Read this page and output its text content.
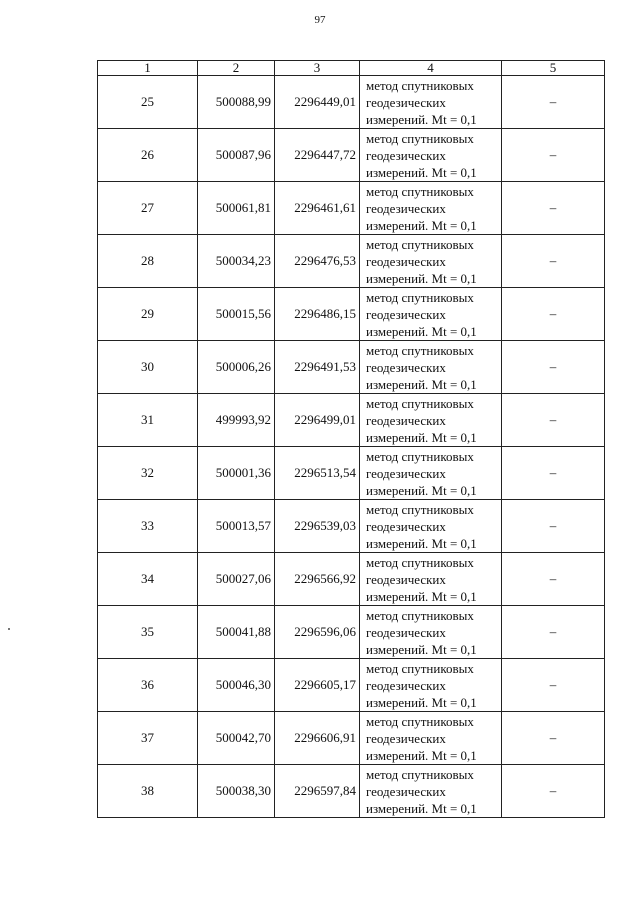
97
1	2	3	4	5
25	500088,99	2296449,01	метод спутниковых
геодезических
измерений. Mt = 0,1	–
26	500087,96	2296447,72	метод спутниковых
геодезических
измерений. Mt = 0,1	–
27	500061,81	2296461,61	метод спутниковых
геодезических
измерений. Mt = 0,1	–
28	500034,23	2296476,53	метод спутниковых
геодезических
измерений. Mt = 0,1	–
29	500015,56	2296486,15	метод спутниковых
геодезических
измерений. Mt = 0,1	–
30	500006,26	2296491,53	метод спутниковых
геодезических
измерений. Mt = 0,1	–
31	499993,92	2296499,01	метод спутниковых
геодезических
измерений. Mt = 0,1	–
32	500001,36	2296513,54	метод спутниковых
геодезических
измерений. Mt = 0,1	–
33	500013,57	2296539,03	метод спутниковых
геодезических
измерений. Mt = 0,1	–
34	500027,06	2296566,92	метод спутниковых
геодезических
измерений. Mt = 0,1	–
35	500041,88	2296596,06	метод спутниковых
геодезических
измерений. Mt = 0,1	–
36	500046,30	2296605,17	метод спутниковых
геодезических
измерений. Mt = 0,1	–
37	500042,70	2296606,91	метод спутниковых
геодезических
измерений. Mt = 0,1	–
38	500038,30	2296597,84	метод спутниковых
геодезических
измерений. Mt = 0,1	–
